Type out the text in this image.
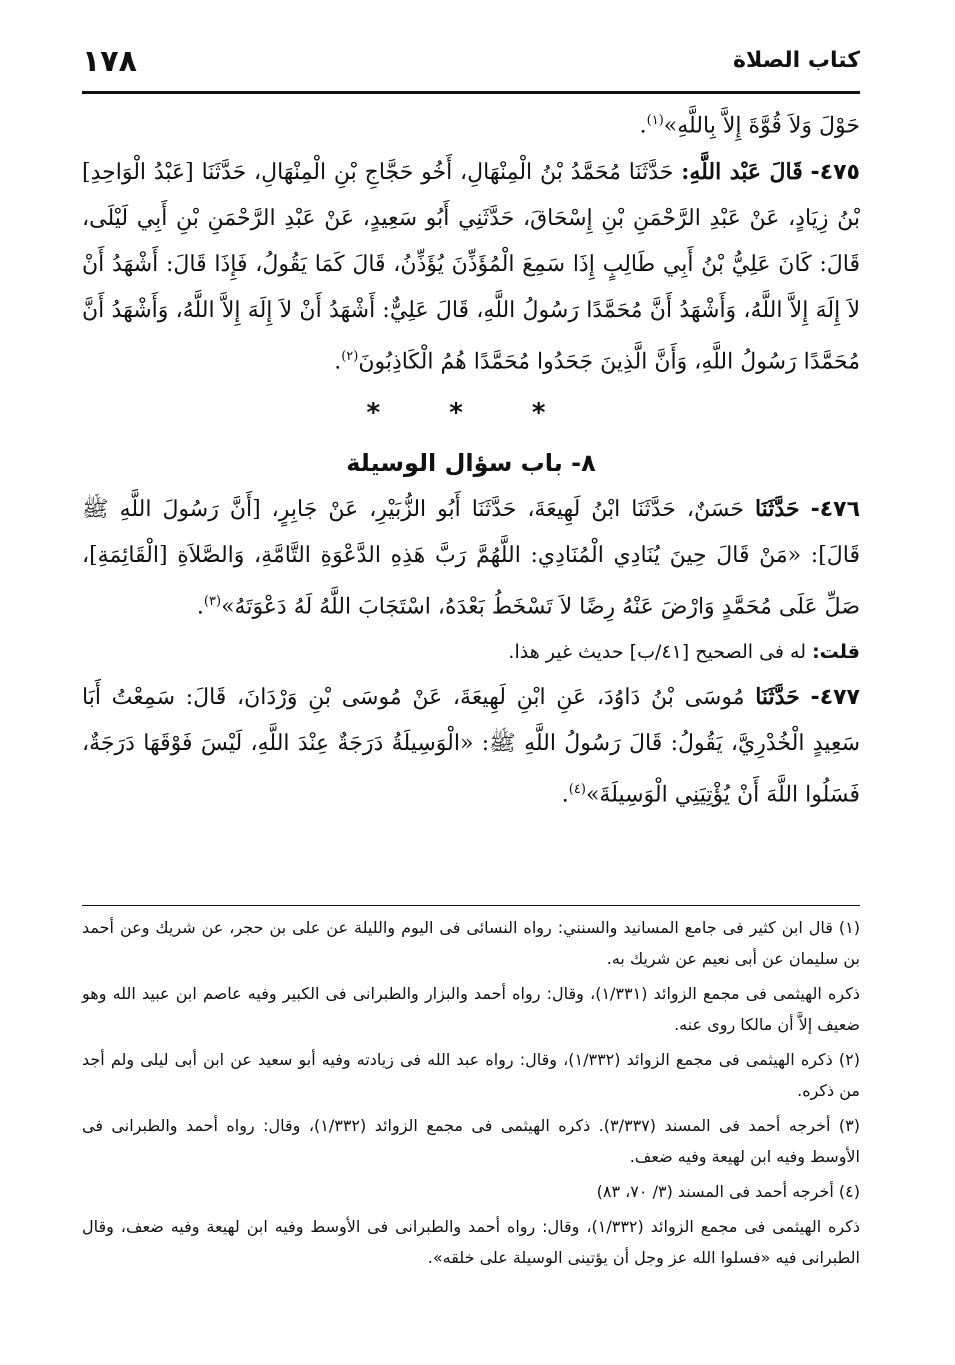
كتاب الصلاة
١٧٨

حَوْلَ وَلاَ قُوَّةَ إِلاَّ بِاللَّهِ»$^{(١)}$.

٤٧٥- قَالَ عَبْد اللَّهِ: حَدَّثَنَا مُحَمَّدُ بْنُ الْمِنْهَالِ، أَخُو حَجَّاجِ بْنِ الْمِنْهَالِ، حَدَّثَنَا [عَبْدُ الْوَاحِدِ] بْنُ زِيَادٍ، عَنْ عَبْدِ الرَّحْمَنِ بْنِ إِسْحَاقَ، حَدَّثَنِي أَبُو سَعِيدٍ، عَنْ عَبْدِ الرَّحْمَنِ بْنِ أَبِي لَيْلَى، قَالَ: كَانَ عَلِيُّ بْنُ أَبِي طَالِبٍ إِذَا سَمِعَ الْمُؤَذِّنَ يُؤَذِّنُ، قَالَ كَمَا يَقُولُ، فَإِذَا قَالَ: أَشْهَدُ أَنْ لاَ إِلَهَ إِلاَّ اللَّهُ، وَأَشْهَدُ أَنَّ مُحَمَّدًا رَسُولُ اللَّهِ، قَالَ عَلِيٌّ: أَشْهَدُ أَنْ لاَ إِلَهَ إِلاَّ اللَّهُ، وَأَشْهَدُ أَنَّ مُحَمَّدًا رَسُولُ اللَّهِ، وَأَنَّ الَّذِينَ جَحَدُوا مُحَمَّدًا هُمُ الْكَاذِبُونَ$^{(٢)}$.

* * *
٨- باب سؤال الوسيلة

٤٧٦- حَدَّثَنَا حَسَنٌ، حَدَّثَنَا ابْنُ لَهِيعَةَ، حَدَّثَنَا أَبُو الزُّبَيْرِ، عَنْ جَابِرٍ، [أَنَّ رَسُولَ اللَّهِ ﷺ قَالَ]: «مَنْ قَالَ حِينَ يُنَادِي الْمُنَادِي: اللَّهُمَّ رَبَّ هَذِهِ الدَّعْوَةِ التَّامَّةِ، وَالصَّلاَةِ [الْقَائِمَةِ]، صَلِّ عَلَى مُحَمَّدٍ وَارْضَ عَنْهُ رِضًا لاَ تَسْخَطُ بَعْدَهُ، اسْتَجَابَ اللَّهُ لَهُ دَعْوَتَهُ»$^{(٣)}$.

قلت: له فى الصحيح [٤١/ب] حديث غير هذا.

٤٧٧- حَدَّثَنَا مُوسَى بْنُ دَاوُدَ، عَنِ ابْنِ لَهِيعَةَ، عَنْ مُوسَى بْنِ وَرْدَانَ، قَالَ: سَمِعْتُ أَبَا سَعِيدٍ الْخُدْرِيَّ، يَقُولُ: قَالَ رَسُولُ اللَّهِ ﷺ: «الْوَسِيلَةُ دَرَجَةٌ عِنْدَ اللَّهِ، لَيْسَ فَوْقَهَا دَرَجَةٌ، فَسَلُوا اللَّهَ أَنْ يُؤْتِيَنِي الْوَسِيلَةَ»$^{(٤)}$.

(١) قال ابن كثير فى جامع المسانيد والسنني: رواه النسائى فى اليوم والليلة عن على بن حجر، عن شريك وعن أحمد بن سليمان عن أبى نعيم عن شريك به.

ذكره الهيثمى فى مجمع الزوائد (١/٣٣١)، وقال: رواه أحمد والبزار والطبرانى فى الكبير وفيه عاصم ابن عبيد الله وهو ضعيف إلاَّ أن مالكا روى عنه.

(٢) ذكره الهيثمى فى مجمع الزوائد (١/٣٣٢)، وقال: رواه عبد الله فى زيادته وفيه أبو سعيد عن ابن أبى ليلى ولم أجد من ذكره.

(٣) أخرجه أحمد فى المسند (٣/٣٣٧). ذكره الهيثمى فى مجمع الزوائد (١/٣٣٢)، وقال: رواه أحمد والطبرانى فى الأوسط وفيه ابن لهيعة وفيه ضعف.

(٤) أخرجه أحمد فى المسند (٣/ ٧٠، ٨٣)

ذكره الهيثمى فى مجمع الزوائد (١/٣٣٢)، وقال: رواه أحمد والطبرانى فى الأوسط وفيه ابن لهيعة وفيه ضعف، وقال الطبرانى فيه «فسلوا الله عز وجل أن يؤتينى الوسيلة على خلقه».
